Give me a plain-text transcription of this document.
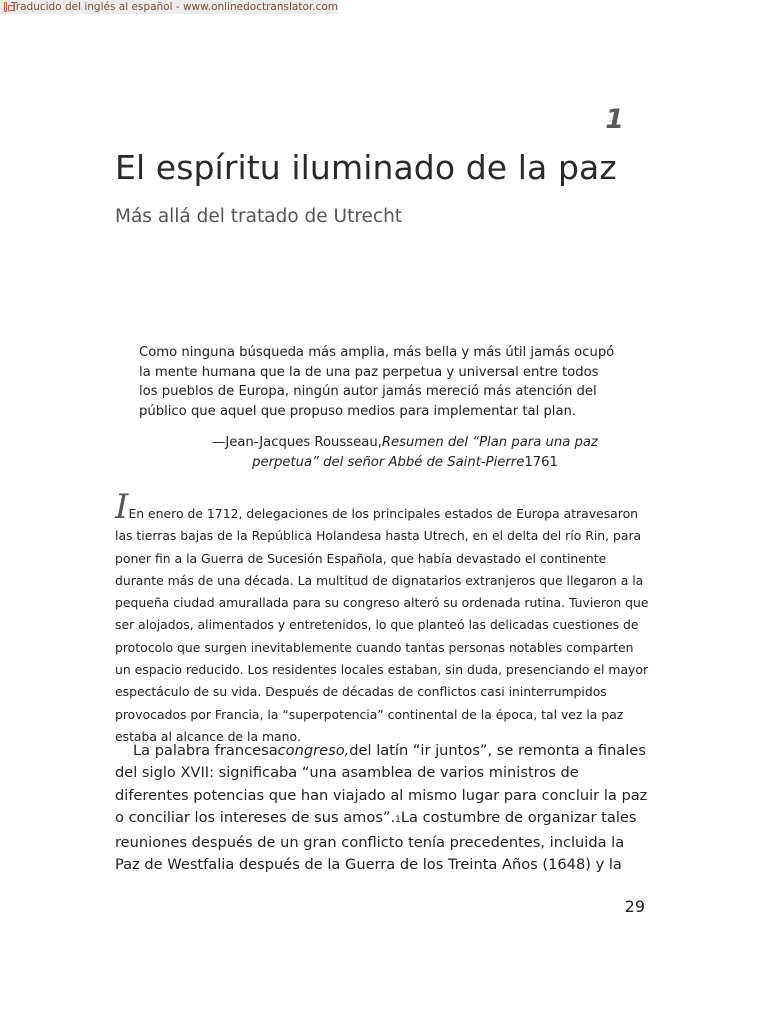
Traducido del inglés al español - www.onlinedoctranslator.com
1
El espíritu iluminado de la paz
Más allá del tratado de Utrecht
Como ninguna búsqueda más amplia, más bella y más útil jamás ocupó la mente humana que la de una paz perpetua y universal entre todos los pueblos de Europa, ningún autor jamás mereció más atención del público que aquel que propuso medios para implementar tal plan.
—Jean-Jacques Rousseau,Resumen del “Plan para una paz perpetua” del señor Abbé de Saint-Pierre1761
IEn enero de 1712, delegaciones de los principales estados de Europa atravesaron las tierras bajas de la República Holandesa hasta Utrech, en el delta del río Rin, para poner fin a la Guerra de Sucesión Española, que había devastado el continente durante más de una década. La multitud de dignatarios extranjeros que llegaron a la pequeña ciudad amurallada para su congreso alteró su ordenada rutina. Tuvieron que ser alojados, alimentados y entretenidos, lo que planteó las delicadas cuestiones de protocolo que surgen inevitablemente cuando tantas personas notables comparten un espacio reducido. Los residentes locales estaban, sin duda, presenciando el mayor espectáculo de su vida. Después de décadas de conflictos casi ininterrumpidos provocados por Francia, la “superpotencia” continental de la época, tal vez la paz estaba al alcance de la mano.
La palabra francesacongreso,del latín “ir juntos”, se remonta a finales del siglo XVII: significaba “una asamblea de varios ministros de diferentes potencias que han viajado al mismo lugar para concluir la paz o conciliar los intereses de sus amos”.1La costumbre de organizar tales reuniones después de un gran conflicto tenía precedentes, incluida la Paz de Westfalia después de la Guerra de los Treinta Años (1648) y la
29
